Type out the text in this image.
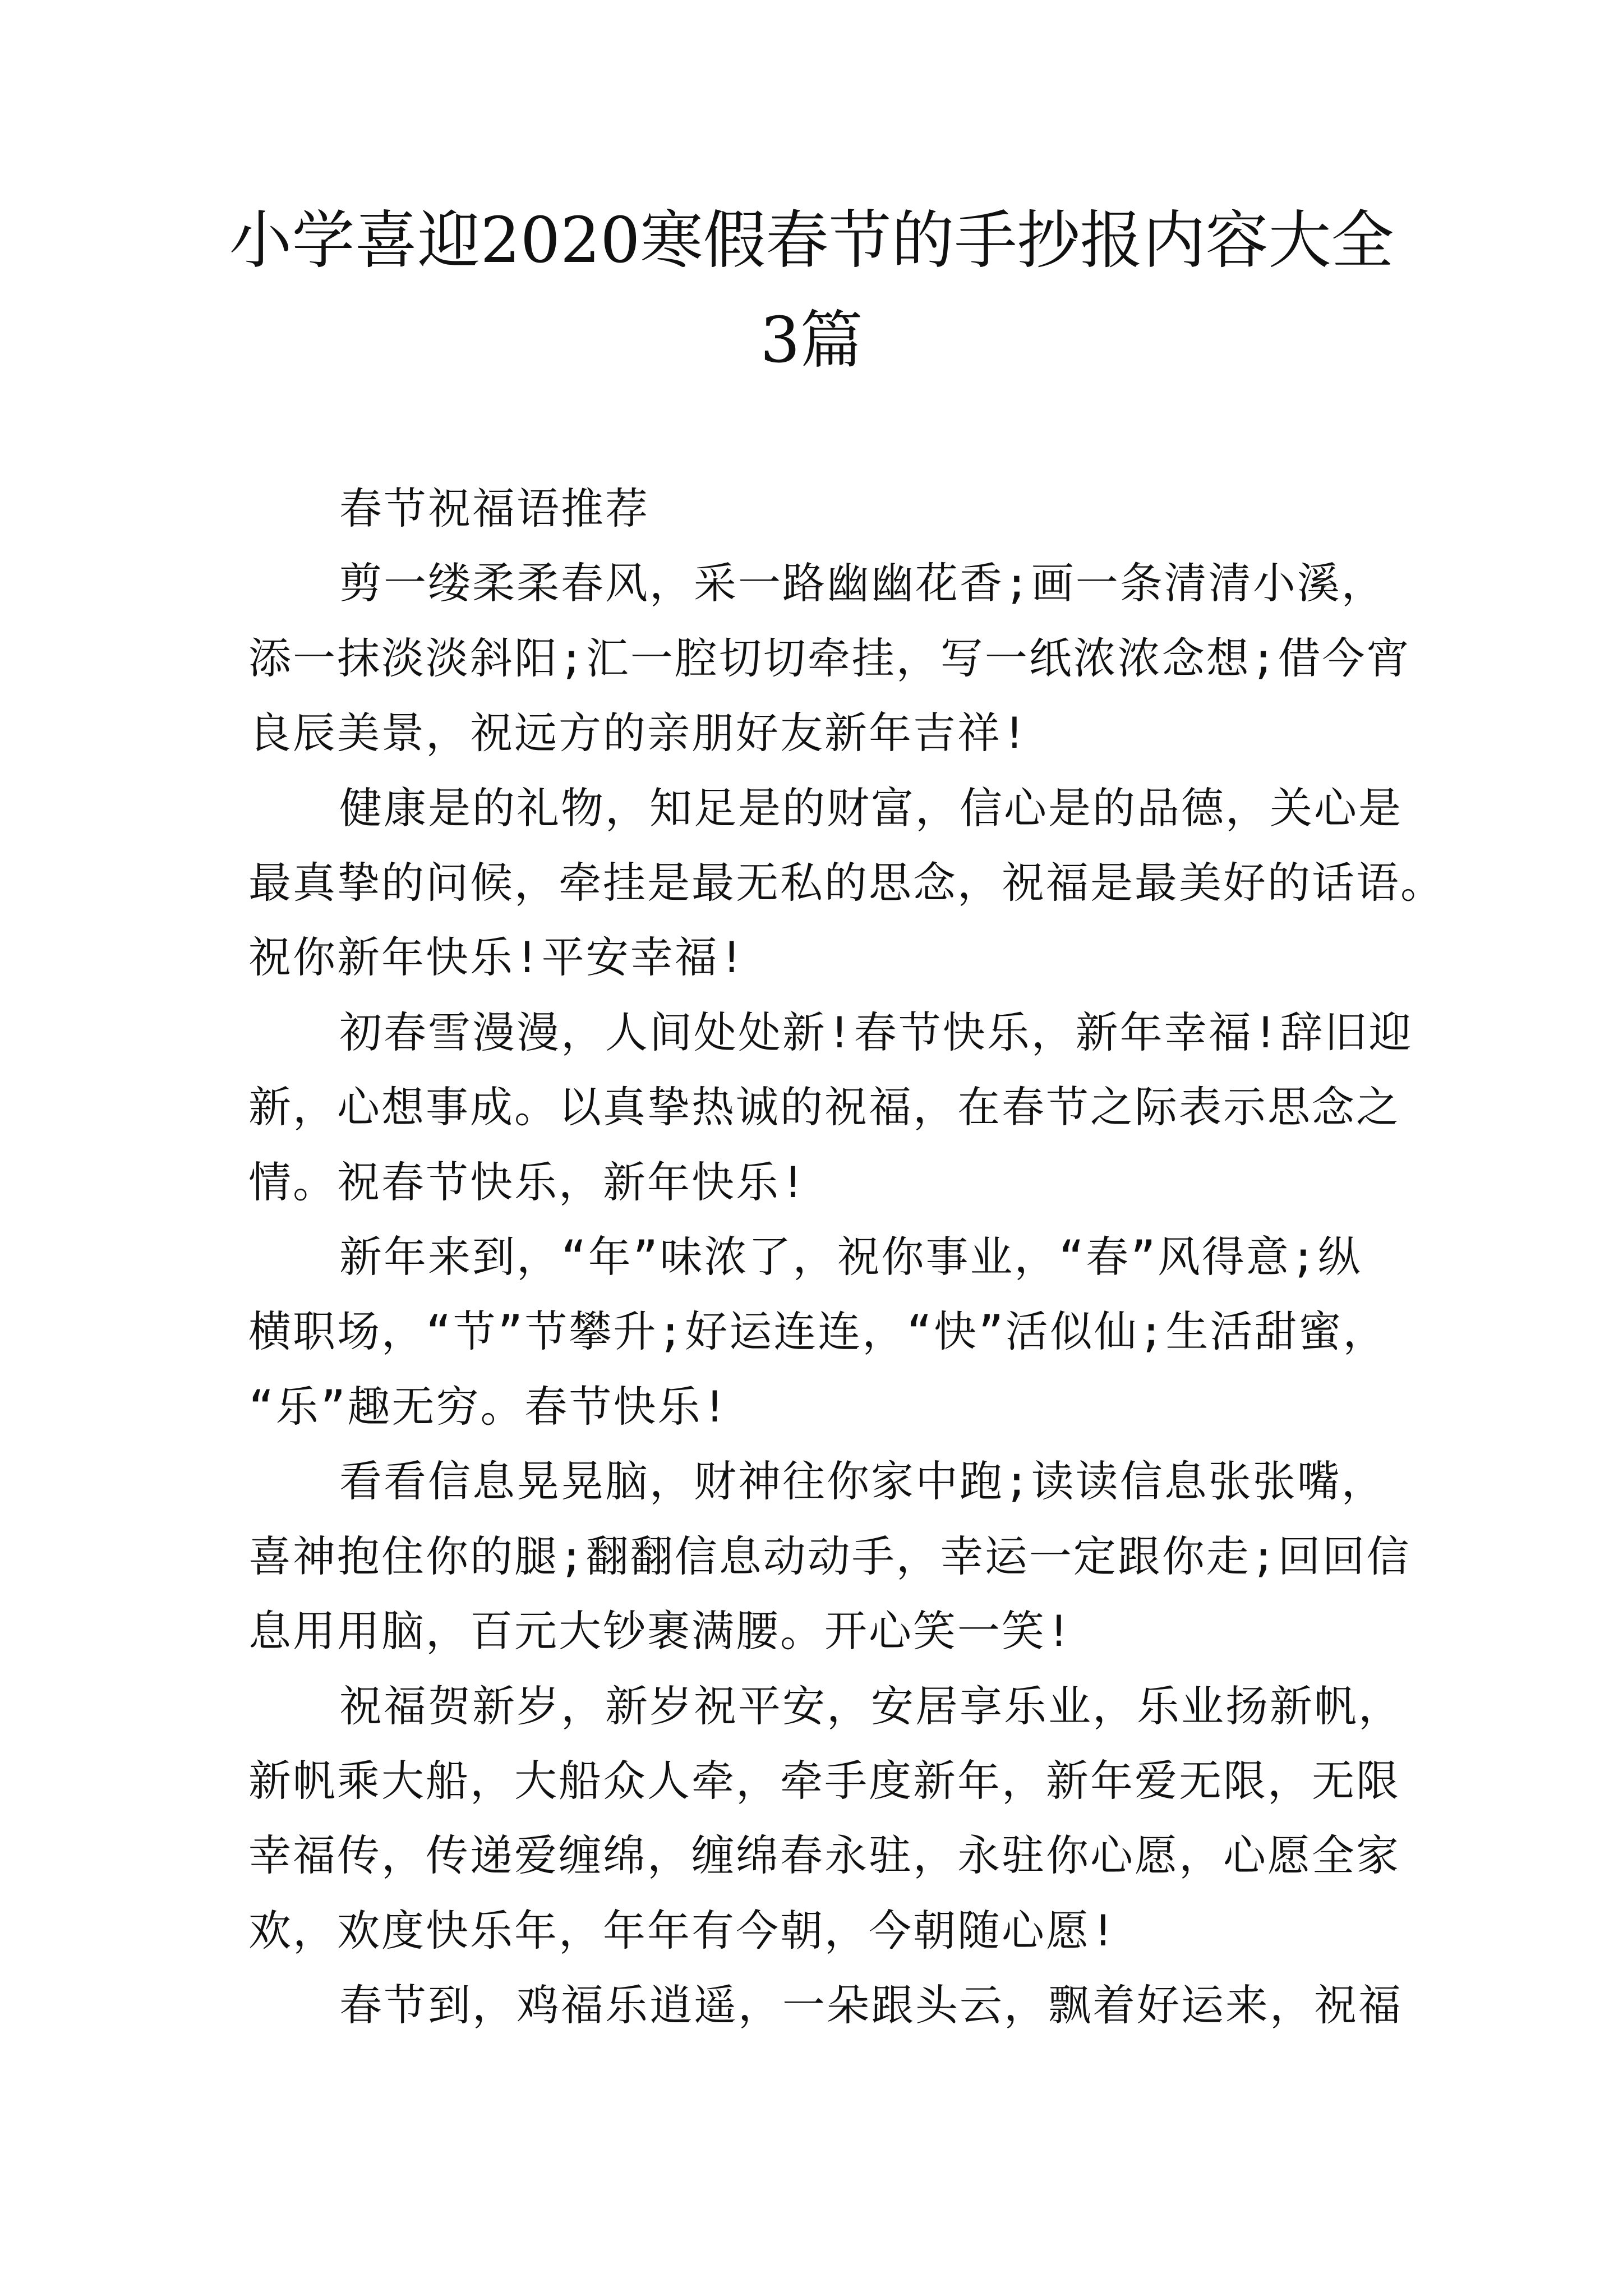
小学喜迎2020寒假春节的手抄报内容大全
3篇

春节祝福语推荐

剪一缕柔柔春风，采一路幽幽花香;画一条清清小溪，
添一抹淡淡斜阳;汇一腔切切牵挂，写一纸浓浓念想;借今宵
良辰美景，祝远方的亲朋好友新年吉祥!

健康是的礼物，知足是的财富，信心是的品德，关心是
最真挚的问候，牵挂是最无私的思念，祝福是最美好的话语。
祝你新年快乐!平安幸福!

初春雪漫漫，人间处处新!春节快乐，新年幸福!辞旧迎
新，心想事成。以真挚热诚的祝福，在春节之际表示思念之
情。祝春节快乐，新年快乐!

新年来到，“年”味浓了，祝你事业，“春”风得意;纵
横职场，“节”节攀升;好运连连，“快”活似仙;生活甜蜜，
“乐”趣无穷。春节快乐!

看看信息晃晃脑，财神往你家中跑;读读信息张张嘴，
喜神抱住你的腿;翻翻信息动动手，幸运一定跟你走;回回信
息用用脑，百元大钞裹满腰。开心笑一笑!

祝福贺新岁，新岁祝平安，安居享乐业，乐业扬新帆，
新帆乘大船，大船众人牵，牵手度新年，新年爱无限，无限
幸福传，传递爱缠绵，缠绵春永驻，永驻你心愿，心愿全家
欢，欢度快乐年，年年有今朝，今朝随心愿!

春节到，鸡福乐逍遥，一朵跟头云，飘着好运来，祝福
